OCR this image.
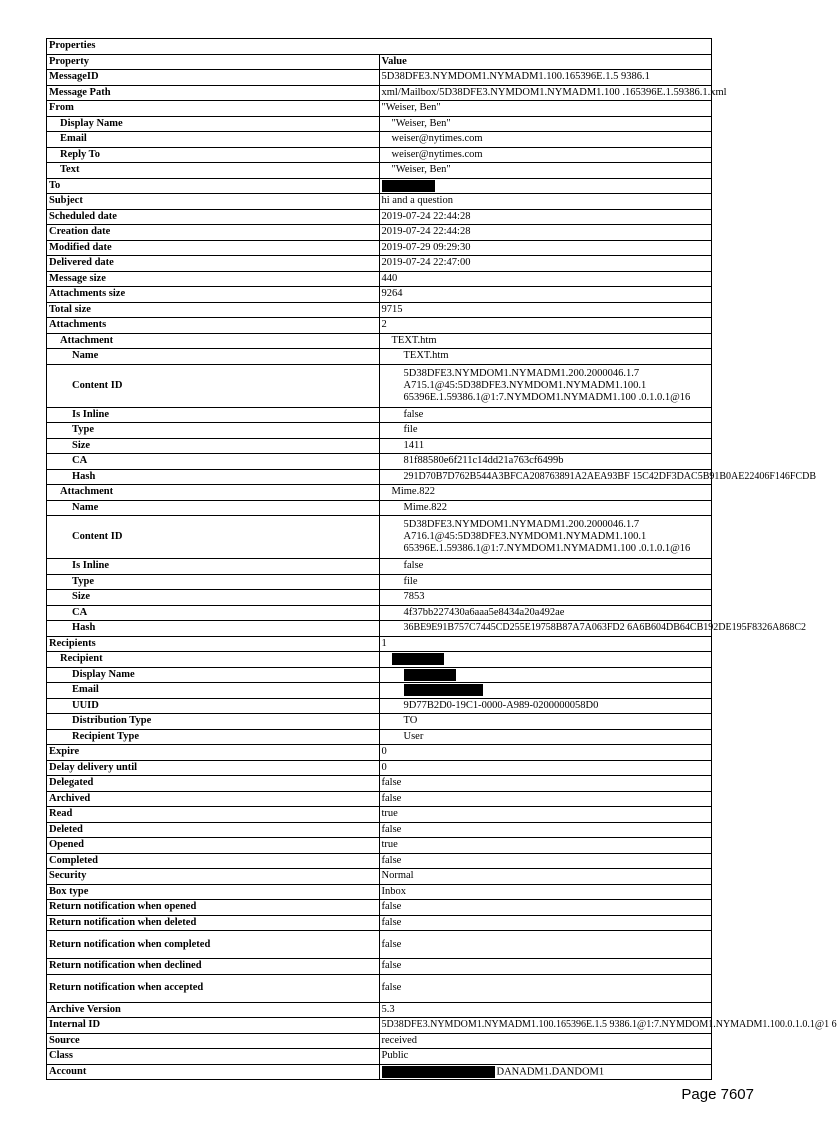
Properties	
Property	Value
MessageID	5D38DFE3.NYMDOM1.NYMADM1.100.165396E.1.5 9386.1
Message Path	xml/Mailbox/5D38DFE3.NYMDOM1.NYMADM1.100 .165396E.1.59386.1.xml
From	"Weiser, Ben"
Display Name	"Weiser, Ben"
Email	weiser@nytimes.com
Reply To	weiser@nytimes.com
Text	"Weiser, Ben"
To	
Subject	hi and a question
Scheduled date	2019-07-24 22:44:28
Creation date	2019-07-24 22:44:28
Modified date	2019-07-29 09:29:30
Delivered date	2019-07-24 22:47:00
Message size	440
Attachments size	9264
Total size	9715
Attachments	2
Attachment	TEXT.htm
Name	TEXT.htm
Content ID	5D38DFE3.NYMDOM1.NYMADM1.200.2000046.1.7
A715.1@45:5D38DFE3.NYMDOM1.NYMADM1.100.1
65396E.1.59386.1@1:7.NYMDOM1.NYMADM1.100 .0.1.0.1@16

Is Inline	false
Type	file
Size	1411
CA	81f88580e6f211c14dd21a763cf6499b
Hash	291D70B7D762B544A3BFCA208763891A2AEA93BF 15C42DF3DAC5B91B0AE22406F146FCDB
Attachment	Mime.822
Name	Mime.822
Content ID	5D38DFE3.NYMDOM1.NYMADM1.200.2000046.1.7
A716.1@45:5D38DFE3.NYMDOM1.NYMADM1.100.1
65396E.1.59386.1@1:7.NYMDOM1.NYMADM1.100 .0.1.0.1@16

Is Inline	false
Type	file
Size	7853
CA	4f37bb227430a6aaa5e8434a20a492ae
Hash	36BE9E91B757C7445CD255E19758B87A7A063FD2 6A6B604DB64CB192DE195F8326A868C2
Recipients	1
Recipient	
Display Name	
Email	
UUID	9D77B2D0-19C1-0000-A989-0200000058D0
Distribution Type	TO
Recipient Type	User
Expire	0
Delay delivery until	0
Delegated	false
Archived	false
Read	true
Deleted	false
Opened	true
Completed	false
Security	Normal
Box type	Inbox
Return notification when opened	false
Return notification when deleted	false
Return notification when completed	false
Return notification when declined	false
Return notification when accepted	false
Archive Version	5.3
Internal ID	5D38DFE3.NYMDOM1.NYMADM1.100.165396E.1.5 9386.1@1:7.NYMDOM1.NYMADM1.100.0.1.0.1@1 6
Source	received
Class	Public
Account	DANADM1.DANDOM1
Page 7607
